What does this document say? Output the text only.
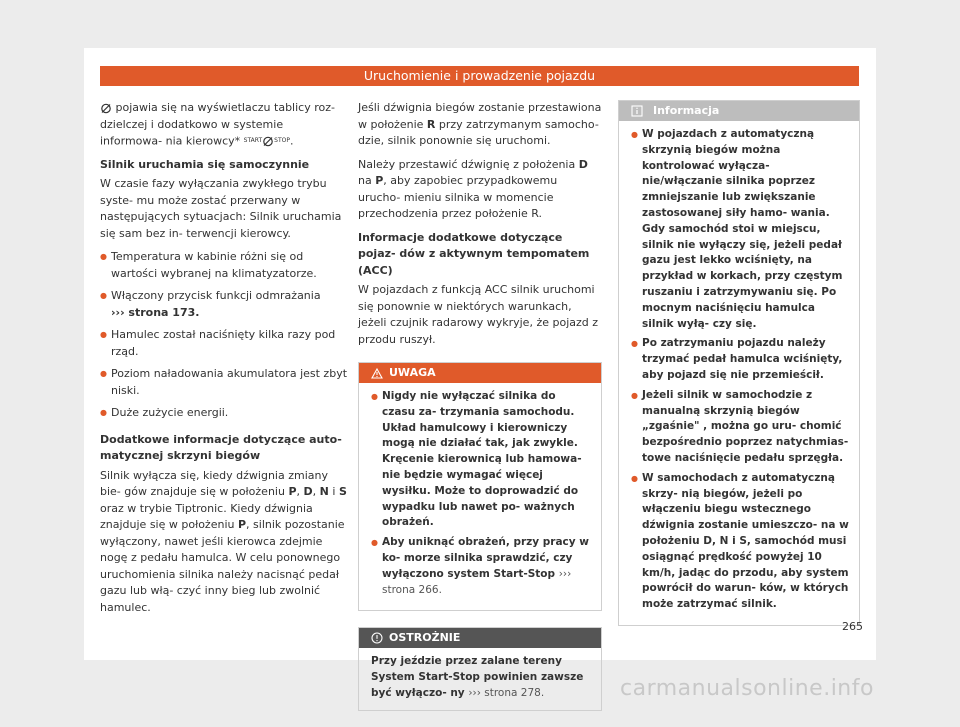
Uruchomienie i prowadzenie pojazdu

pojawia się na wyświetlaczu tablicy roz- dzielczej i dodatkowo w systemie informowa- nia kierowcy* START STOP.

Silnik uruchamia się samoczynnie

W czasie fazy wyłączania zwykłego trybu syste- mu może zostać przerwany w następujących sytuacjach: Silnik uruchamia się sam bez in- terwencji kierowcy.

● Temperatura w kabinie różni się od wartości wybranej na klimatyzatorze.
● Włączony przycisk funkcji odmrażania
››› strona 173.
● Hamulec został naciśnięty kilka razy pod rząd.
● Poziom naładowania akumulatora jest zbyt niski.
● Duże zużycie energii.
Dodatkowe informacje dotyczące auto- matycznej skrzyni biegów

Silnik wyłącza się, kiedy dźwignia zmiany bie- gów znajduje się w położeniu P, D, N i S oraz w trybie Tiptronic. Kiedy dźwignia znajduje się w położeniu P, silnik pozostanie wyłączony, nawet jeśli kierowca zdejmie nogę z pedału hamulca. W celu ponownego uruchomienia silnika należy nacisnąć pedał gazu lub włą- czyć inny bieg lub zwolnić hamulec.

Jeśli dźwignia biegów zostanie przestawiona w położenie R przy zatrzymanym samocho- dzie, silnik ponownie się uruchomi.

Należy przestawić dźwignię z położenia D na P, aby zapobiec przypadkowemu urucho- mieniu silnika w momencie przechodzenia przez położenie R.

Informacje dodatkowe dotyczące pojaz- dów z aktywnym tempomatem (ACC)

W pojazdach z funkcją ACC silnik uruchomi się ponownie w niektórych warunkach, jeżeli czujnik radarowy wykryje, że pojazd z przodu ruszył.

UWAGA
● Nigdy nie wyłączać silnika do czasu za- trzymania samochodu. Układ hamulcowy i kierowniczy mogą nie działać tak, jak zwykle. Kręcenie kierownicą lub hamowa- nie będzie wymagać więcej wysiłku. Może to doprowadzić do wypadku lub nawet po- ważnych obrażeń.
● Aby uniknąć obrażeń, przy pracy w ko- morze silnika sprawdzić, czy wyłączono system Start-Stop ››› strona 266.
OSTROŻNIE
Przy jeździe przez zalane tereny System Start-Stop powinien zawsze być wyłączo- ny ››› strona 278.
Informacja
● W pojazdach z automatyczną skrzynią biegów można kontrolować wyłącza- nie/włączanie silnika poprzez zmniejszanie lub zwiększanie zastosowanej siły hamo- wania. Gdy samochód stoi w miejscu, silnik nie wyłączy się, jeżeli pedał gazu jest lekko wciśnięty, na przykład w korkach, przy częstym ruszaniu i zatrzymywaniu się. Po mocnym naciśnięciu hamulca silnik wyłą- czy się.
● Po zatrzymaniu pojazdu należy trzymać pedał hamulca wciśnięty, aby pojazd się nie przemieścił.
● Jeżeli silnik w samochodzie z manualną skrzynią biegów „zgaśnie" , można go uru- chomić bezpośrednio poprzez natychmias- towe naciśnięcie pedału sprzęgła.
● W samochodach z automatyczną skrzy- nią biegów, jeżeli po włączeniu biegu wstecznego dźwignia zostanie umieszczo- na w położeniu D, N i S, samochód musi osiągnąć prędkość powyżej 10 km/h, jadąc do przodu, aby system powrócił do warun- ków, w których może zatrzymać silnik.
265
carmanualsonline.info
